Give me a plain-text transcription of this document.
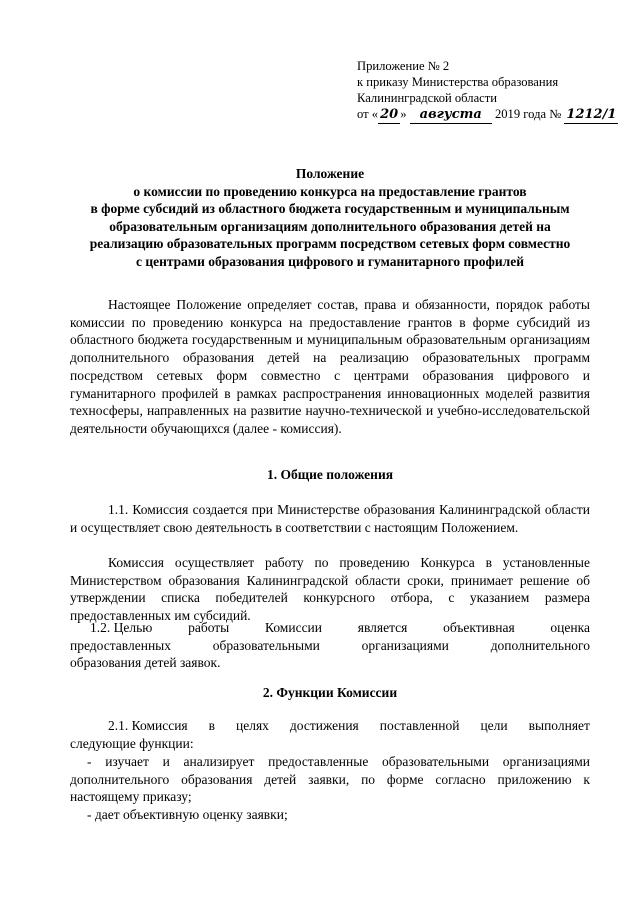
Приложение № 2
к приказу Министерства образования
Калининградской области
от « 20 » августа 2019 года № 1212/1
Положение
о комиссии по проведению конкурса на предоставление грантов
в форме субсидий из областного бюджета государственным и муниципальным
образовательным организациям дополнительного образования детей на
реализацию образовательных программ посредством сетевых форм совместно
с центрами образования цифрового и гуманитарного профилей
Настоящее Положение определяет состав, права и обязанности, порядок работы комиссии по проведению конкурса на предоставление грантов в форме субсидий из областного бюджета государственным и муниципальным образовательным организациям дополнительного образования детей на реализацию образовательных программ посредством сетевых форм совместно с центрами образования цифрового и гуманитарного профилей в рамках распространения инновационных моделей развития техносферы, направленных на развитие научно-технической и учебно-исследовательской деятельности обучающихся (далее - комиссия).
1. Общие положения
1.1. Комиссия создается при Министерстве образования Калининградской области и осуществляет свою деятельность в соответствии с настоящим Положением.
Комиссия осуществляет работу по проведению Конкурса в установленные Министерством образования Калининградской области сроки, принимает решение об утверждении списка победителей конкурсного отбора, с указанием размера предоставленных им субсидий.
1.2. Целью	работы	Комиссии	является	объективная	оценка
предоставленных	образовательными	организациями	дополнительного
образования детей заявок.
2. Функции Комиссии
2.1. Комиссия в целях достижения поставленной цели выполняет
следующие функции:
- изучает и анализирует предоставленные образовательными организациями дополнительного образования детей заявки, по форме согласно приложению к настоящему приказу;
- дает объективную оценку заявки;
